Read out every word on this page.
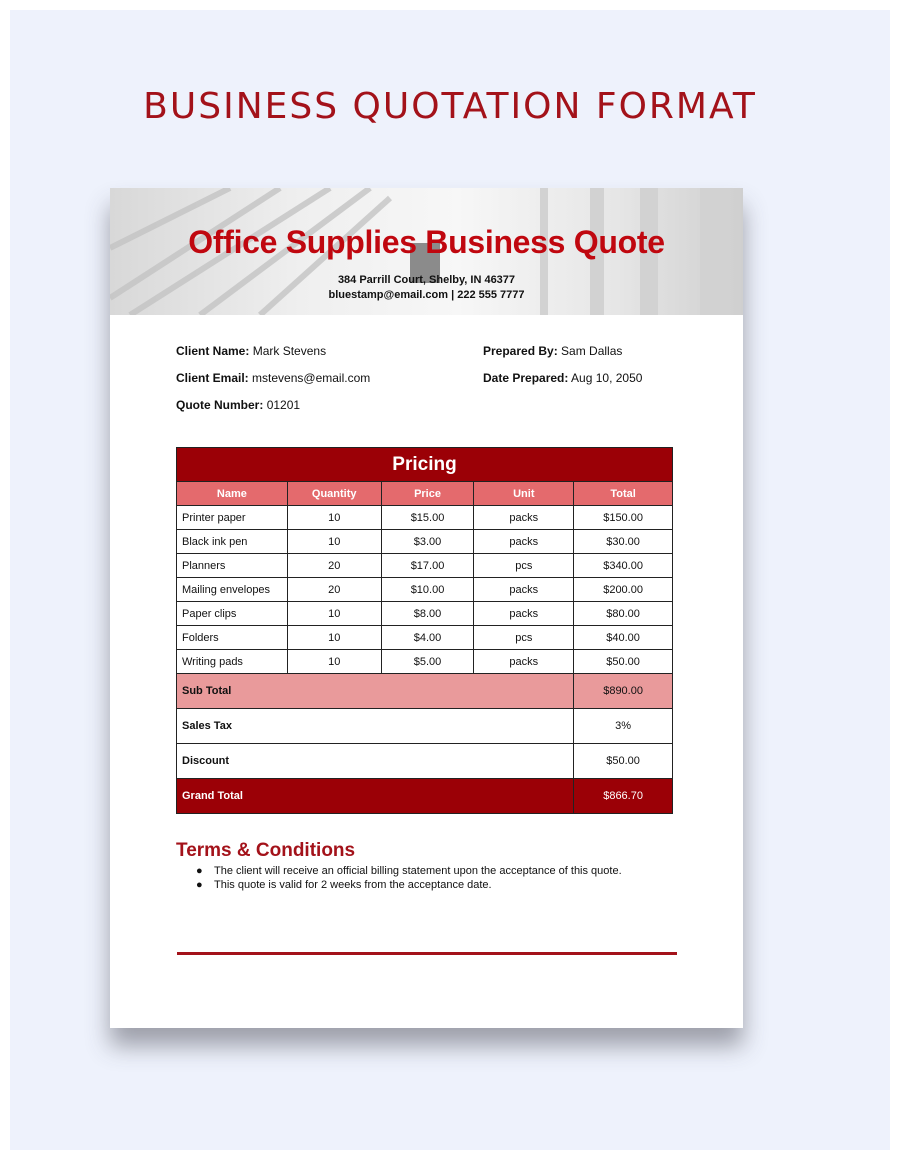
BUSINESS QUOTATION FORMAT
Office Supplies Business Quote
384 Parrill Court, Shelby, IN 46377
bluestamp@email.com | 222 555 7777
Client Name: Mark Stevens
Client Email: mstevens@email.com
Quote Number: 01201
Prepared By: Sam Dallas
Date Prepared: Aug 10, 2050
Pricing				
Name	Quantity	Price	Unit	Total
Printer paper	10	$15.00	packs	$150.00
Black ink pen	10	$3.00	packs	$30.00
Planners	20	$17.00	pcs	$340.00
Mailing envelopes	20	$10.00	packs	$200.00
Paper clips	10	$8.00	packs	$80.00
Folders	10	$4.00	pcs	$40.00
Writing pads	10	$5.00	packs	$50.00
Sub Total				$890.00
Sales Tax				3%
Discount				$50.00
Grand Total				$866.70
Terms & Conditions
● The client will receive an official billing statement upon the acceptance of this quote.
● This quote is valid for 2 weeks from the acceptance date.
